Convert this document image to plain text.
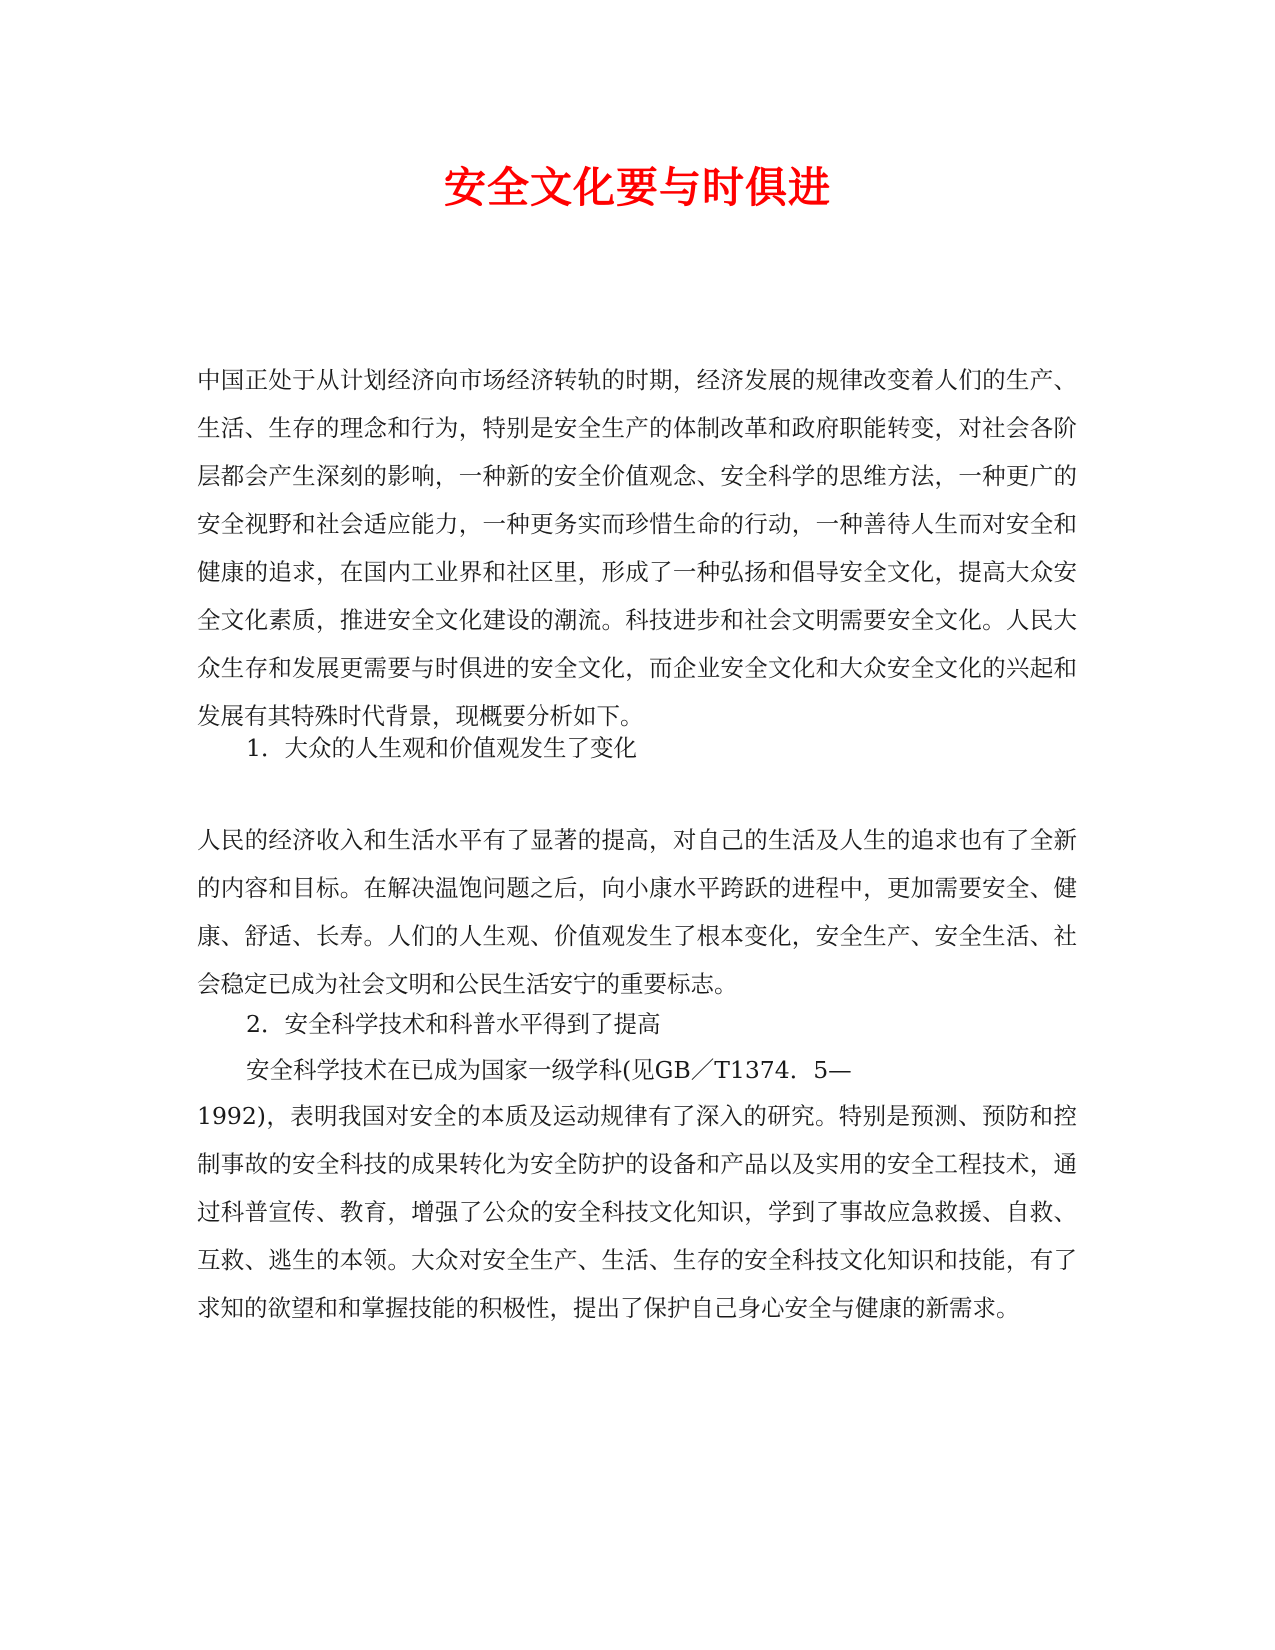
安全文化要与时俱进

中国正处于从计划经济向市场经济转轨的时期，经济发展的规律改变着人们的生产、生活、生存的理念和行为，特别是安全生产的体制改革和政府职能转变，对社会各阶层都会产生深刻的影响，一种新的安全价值观念、安全科学的思维方法，一种更广的安全视野和社会适应能力，一种更务实而珍惜生命的行动，一种善待人生而对安全和健康的追求，在国内工业界和社区里，形成了一种弘扬和倡导安全文化，提高大众安全文化素质，推进安全文化建设的潮流。科技进步和社会文明需要安全文化。人民大众生存和发展更需要与时俱进的安全文化，而企业安全文化和大众安全文化的兴起和发展有其特殊时代背景，现概要分析如下。

1．大众的人生观和价值观发生了变化

人民的经济收入和生活水平有了显著的提高，对自己的生活及人生的追求也有了全新的内容和目标。在解决温饱问题之后，向小康水平跨跃的进程中，更加需要安全、健康、舒适、长寿。人们的人生观、价值观发生了根本变化，安全生产、安全生活、社会稳定已成为社会文明和公民生活安宁的重要标志。

2．安全科学技术和科普水平得到了提高

安全科学技术在已成为国家一级学科(见GB／T1374．5—

1992)，表明我国对安全的本质及运动规律有了深入的研究。特别是预测、预防和控制事故的安全科技的成果转化为安全防护的设备和产品以及实用的安全工程技术，通过科普宣传、教育，增强了公众的安全科技文化知识，学到了事故应急救援、自救、互救、逃生的本领。大众对安全生产、生活、生存的安全科技文化知识和技能，有了求知的欲望和和掌握技能的积极性，提出了保护自己身心安全与健康的新需求。
